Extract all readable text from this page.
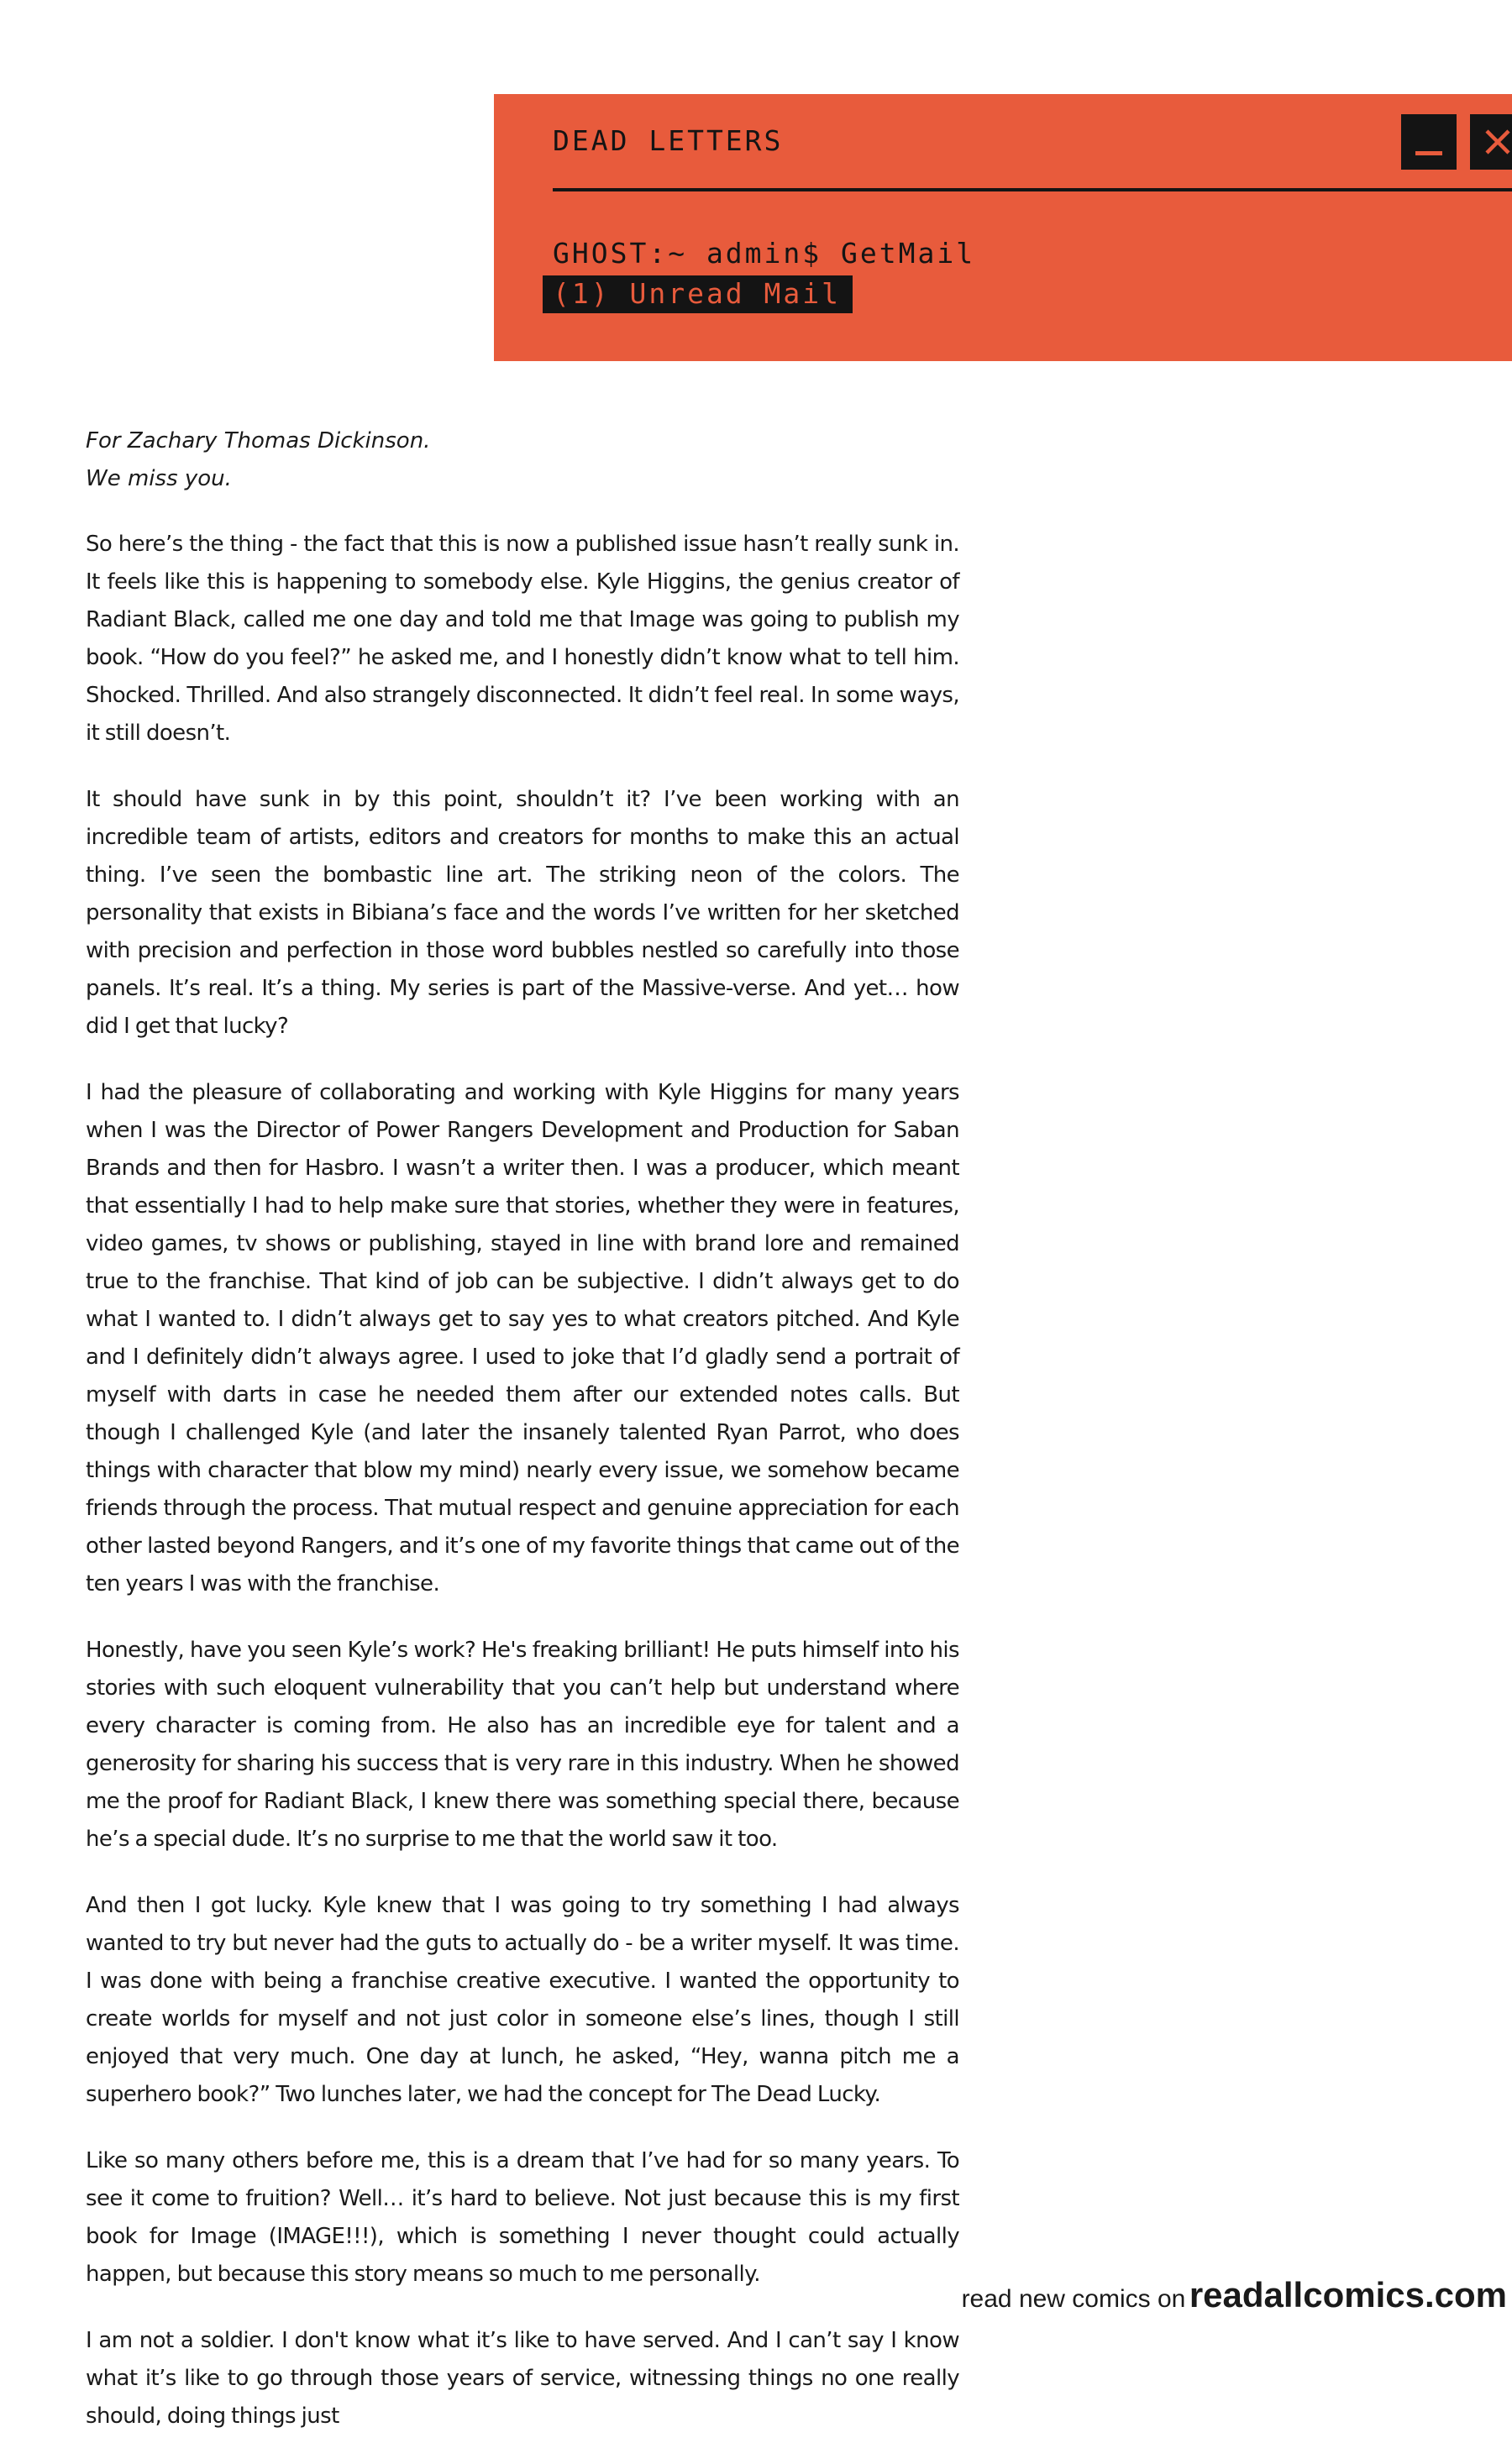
DEAD LETTERS
GHOST:~ admin$ GetMail
(1) Unread Mail
For Zachary Thomas Dickinson.
We miss you.

So here’s the thing - the fact that this is now a published issue hasn’t really sunk in. It feels like this is happening to somebody else. Kyle Higgins, the genius creator of Radiant Black, called me one day and told me that Image was going to publish my book. “How do you feel?” he asked me, and I honestly didn’t know what to tell him. Shocked. Thrilled. And also strangely disconnected. It didn’t feel real. In some ways, it still doesn’t.

It should have sunk in by this point, shouldn’t it? I’ve been working with an incredible team of artists, editors and creators for months to make this an actual thing. I’ve seen the bombastic line art. The striking neon of the colors. The personality that exists in Bibiana’s face and the words I’ve written for her sketched with precision and perfection in those word bubbles nestled so carefully into those panels. It’s real. It’s a thing. My series is part of the Massive-verse. And yet… how did I get that lucky?

I had the pleasure of collaborating and working with Kyle Higgins for many years when I was the Director of Power Rangers Development and Production for Saban Brands and then for Hasbro. I wasn’t a writer then. I was a producer, which meant that essentially I had to help make sure that stories, whether they were in features, video games, tv shows or publishing, stayed in line with brand lore and remained true to the franchise. That kind of job can be subjective. I didn’t always get to do what I wanted to. I didn’t always get to say yes to what creators pitched. And Kyle and I definitely didn’t always agree. I used to joke that I’d gladly send a portrait of myself with darts in case he needed them after our extended notes calls. But though I challenged Kyle (and later the insanely talented Ryan Parrot, who does things with character that blow my mind) nearly every issue, we somehow became friends through the process. That mutual respect and genuine appreciation for each other lasted beyond Rangers, and it’s one of my favorite things that came out of the ten years I was with the franchise.

Honestly, have you seen Kyle’s work? He's freaking brilliant! He puts himself into his stories with such eloquent vulnerability that you can’t help but understand where every character is coming from. He also has an incredible eye for talent and a generosity for sharing his success that is very rare in this industry. When he showed me the proof for Radiant Black, I knew there was something special there, because he’s a special dude. It’s no surprise to me that the world saw it too.

And then I got lucky. Kyle knew that I was going to try something I had always wanted to try but never had the guts to actually do - be a writer myself. It was time. I was done with being a franchise creative executive. I wanted the opportunity to create worlds for myself and not just color in someone else’s lines, though I still enjoyed that very much. One day at lunch, he asked, “Hey, wanna pitch me a superhero book?” Two lunches later, we had the concept for The Dead Lucky.

Like so many others before me, this is a dream that I’ve had for so many years. To see it come to fruition? Well… it’s hard to believe. Not just because this is my first book for Image (IMAGE!!!), which is something I never thought could actually happen, but because this story means so much to me personally.

I am not a soldier. I don't know what it’s like to have served. And I can’t say I know what it’s like to go through those years of service, witnessing things no one really should, doing things just

read new comics on readallcomics.com
